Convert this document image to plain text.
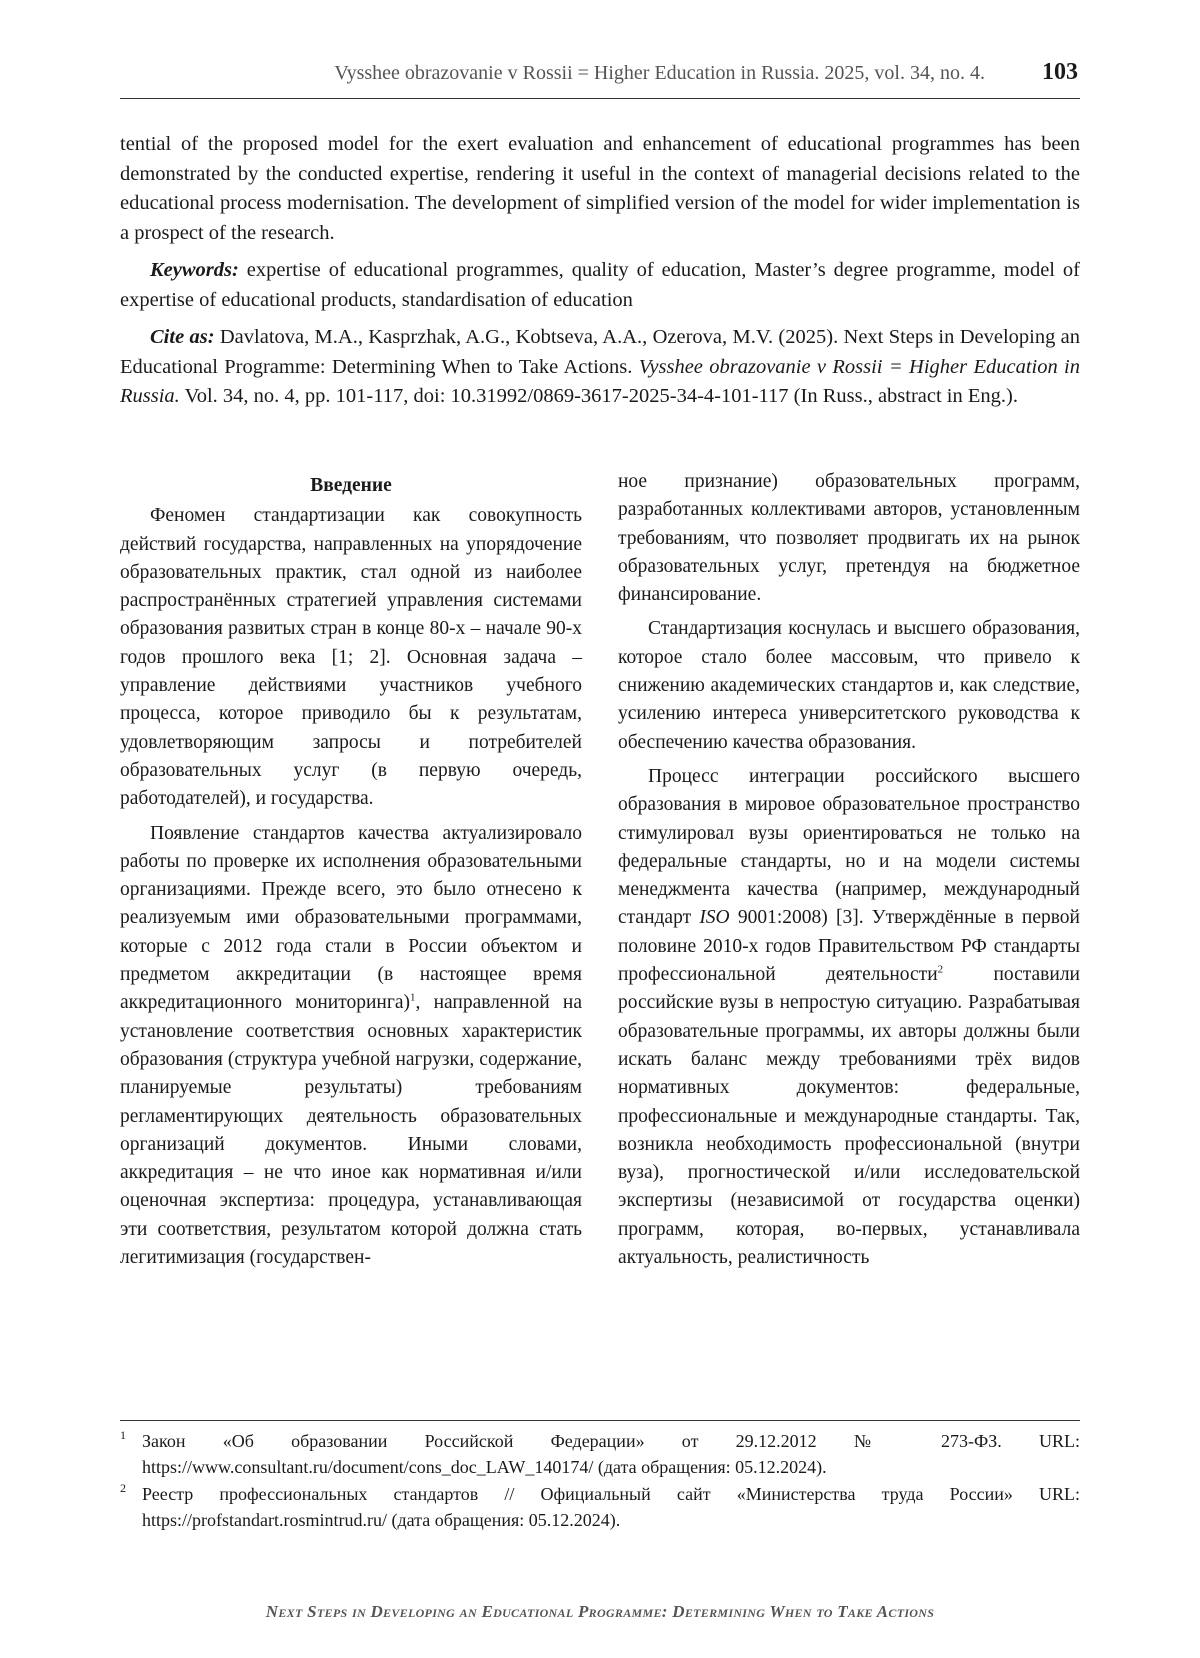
Vysshee obrazovanie v Rossii = Higher Education in Russia. 2025, vol. 34, no. 4. 103

tential of the proposed model for the exert evaluation and enhancement of educational programmes has been demonstrated by the conducted expertise, rendering it useful in the context of managerial decisions related to the educational process modernisation. The development of simplified version of the model for wider implementation is a prospect of the research.

Keywords: expertise of educational programmes, quality of education, Master’s degree programme, model of expertise of educational products, standardisation of education

Cite as: Davlatova, M.A., Kasprzhak, A.G., Kobtseva, A.A., Ozerova, M.V. (2025). Next Steps in Developing an Educational Programme: Determining When to Take Actions. Vysshee obrazovanie v Rossii = Higher Education in Russia. Vol. 34, no. 4, pp. 101-117, doi: 10.31992/0869-3617-2025-34-4-101-117 (In Russ., abstract in Eng.).

Введение

Феномен стандартизации как совокупность действий государства, направленных на упорядочение образовательных практик, стал одной из наиболее распространённых стратегией управления системами образования развитых стран в конце 80-х – начале 90-х годов прошлого века [1; 2]. Основная задача – управление действиями участников учебного процесса, которое приводило бы к результатам, удовлетворяющим запросы и потребителей образовательных услуг (в первую очередь, работодателей), и государства.

Появление стандартов качества актуализировало работы по проверке их исполнения образовательными организациями. Прежде всего, это было отнесено к реализуемым ими образовательными программами, которые с 2012 года стали в России объектом и предметом аккредитации (в настоящее время аккредитационного мониторинга)$^1$, направленной на установление соответствия основных характеристик образования (структура учебной нагрузки, содержание, планируемые результаты) требованиям регламентирующих деятельность образовательных организаций документов. Иными словами, аккредитация – не что иное как нормативная и/или оценочная экспертиза: процедура, устанавливающая эти соответствия, результатом которой должна стать легитимизация (государствен-

ное признание) образовательных программ, разработанных коллективами авторов, установленным требованиям, что позволяет продвигать их на рынок образовательных услуг, претендуя на бюджетное финансирование.

Стандартизация коснулась и высшего образования, которое стало более массовым, что привело к снижению академических стандартов и, как следствие, усилению интереса университетского руководства к обеспечению качества образования.

Процесс интеграции российского высшего образования в мировое образовательное пространство стимулировал вузы ориентироваться не только на федеральные стандарты, но и на модели системы менеджмента качества (например, международный стандарт ISO 9001:2008) [3]. Утверждённые в первой половине 2010-х годов Правительством РФ стандарты профессиональной деятельности$^2$	поставили российские вузы в непростую ситуацию. Разрабатывая образовательные программы, их авторы должны были искать баланс между требованиями трёх видов нормативных документов: федеральные, профессиональные и международные стандарты. Так, возникла необходимость профессиональной (внутри вуза), прогностической и/или исследовательской экспертизы (независимой от государства оценки) программ, которая, во-первых, устанавливала актуальность, реалистичность

1 Закон «Об образовании Российской Федерации» от 29.12.2012 № 273-ФЗ. URL: https://www.consultant.ru/document/cons_doc_LAW_140174/ (дата обращения: 05.12.2024).
2 Реестр профессиональных стандартов // Официальный сайт «Министерства труда России» URL: https://profstandart.rosmintrud.ru/ (дата обращения: 05.12.2024).
Next Steps in Developing an Educational Programme: Determining When to Take Actions
